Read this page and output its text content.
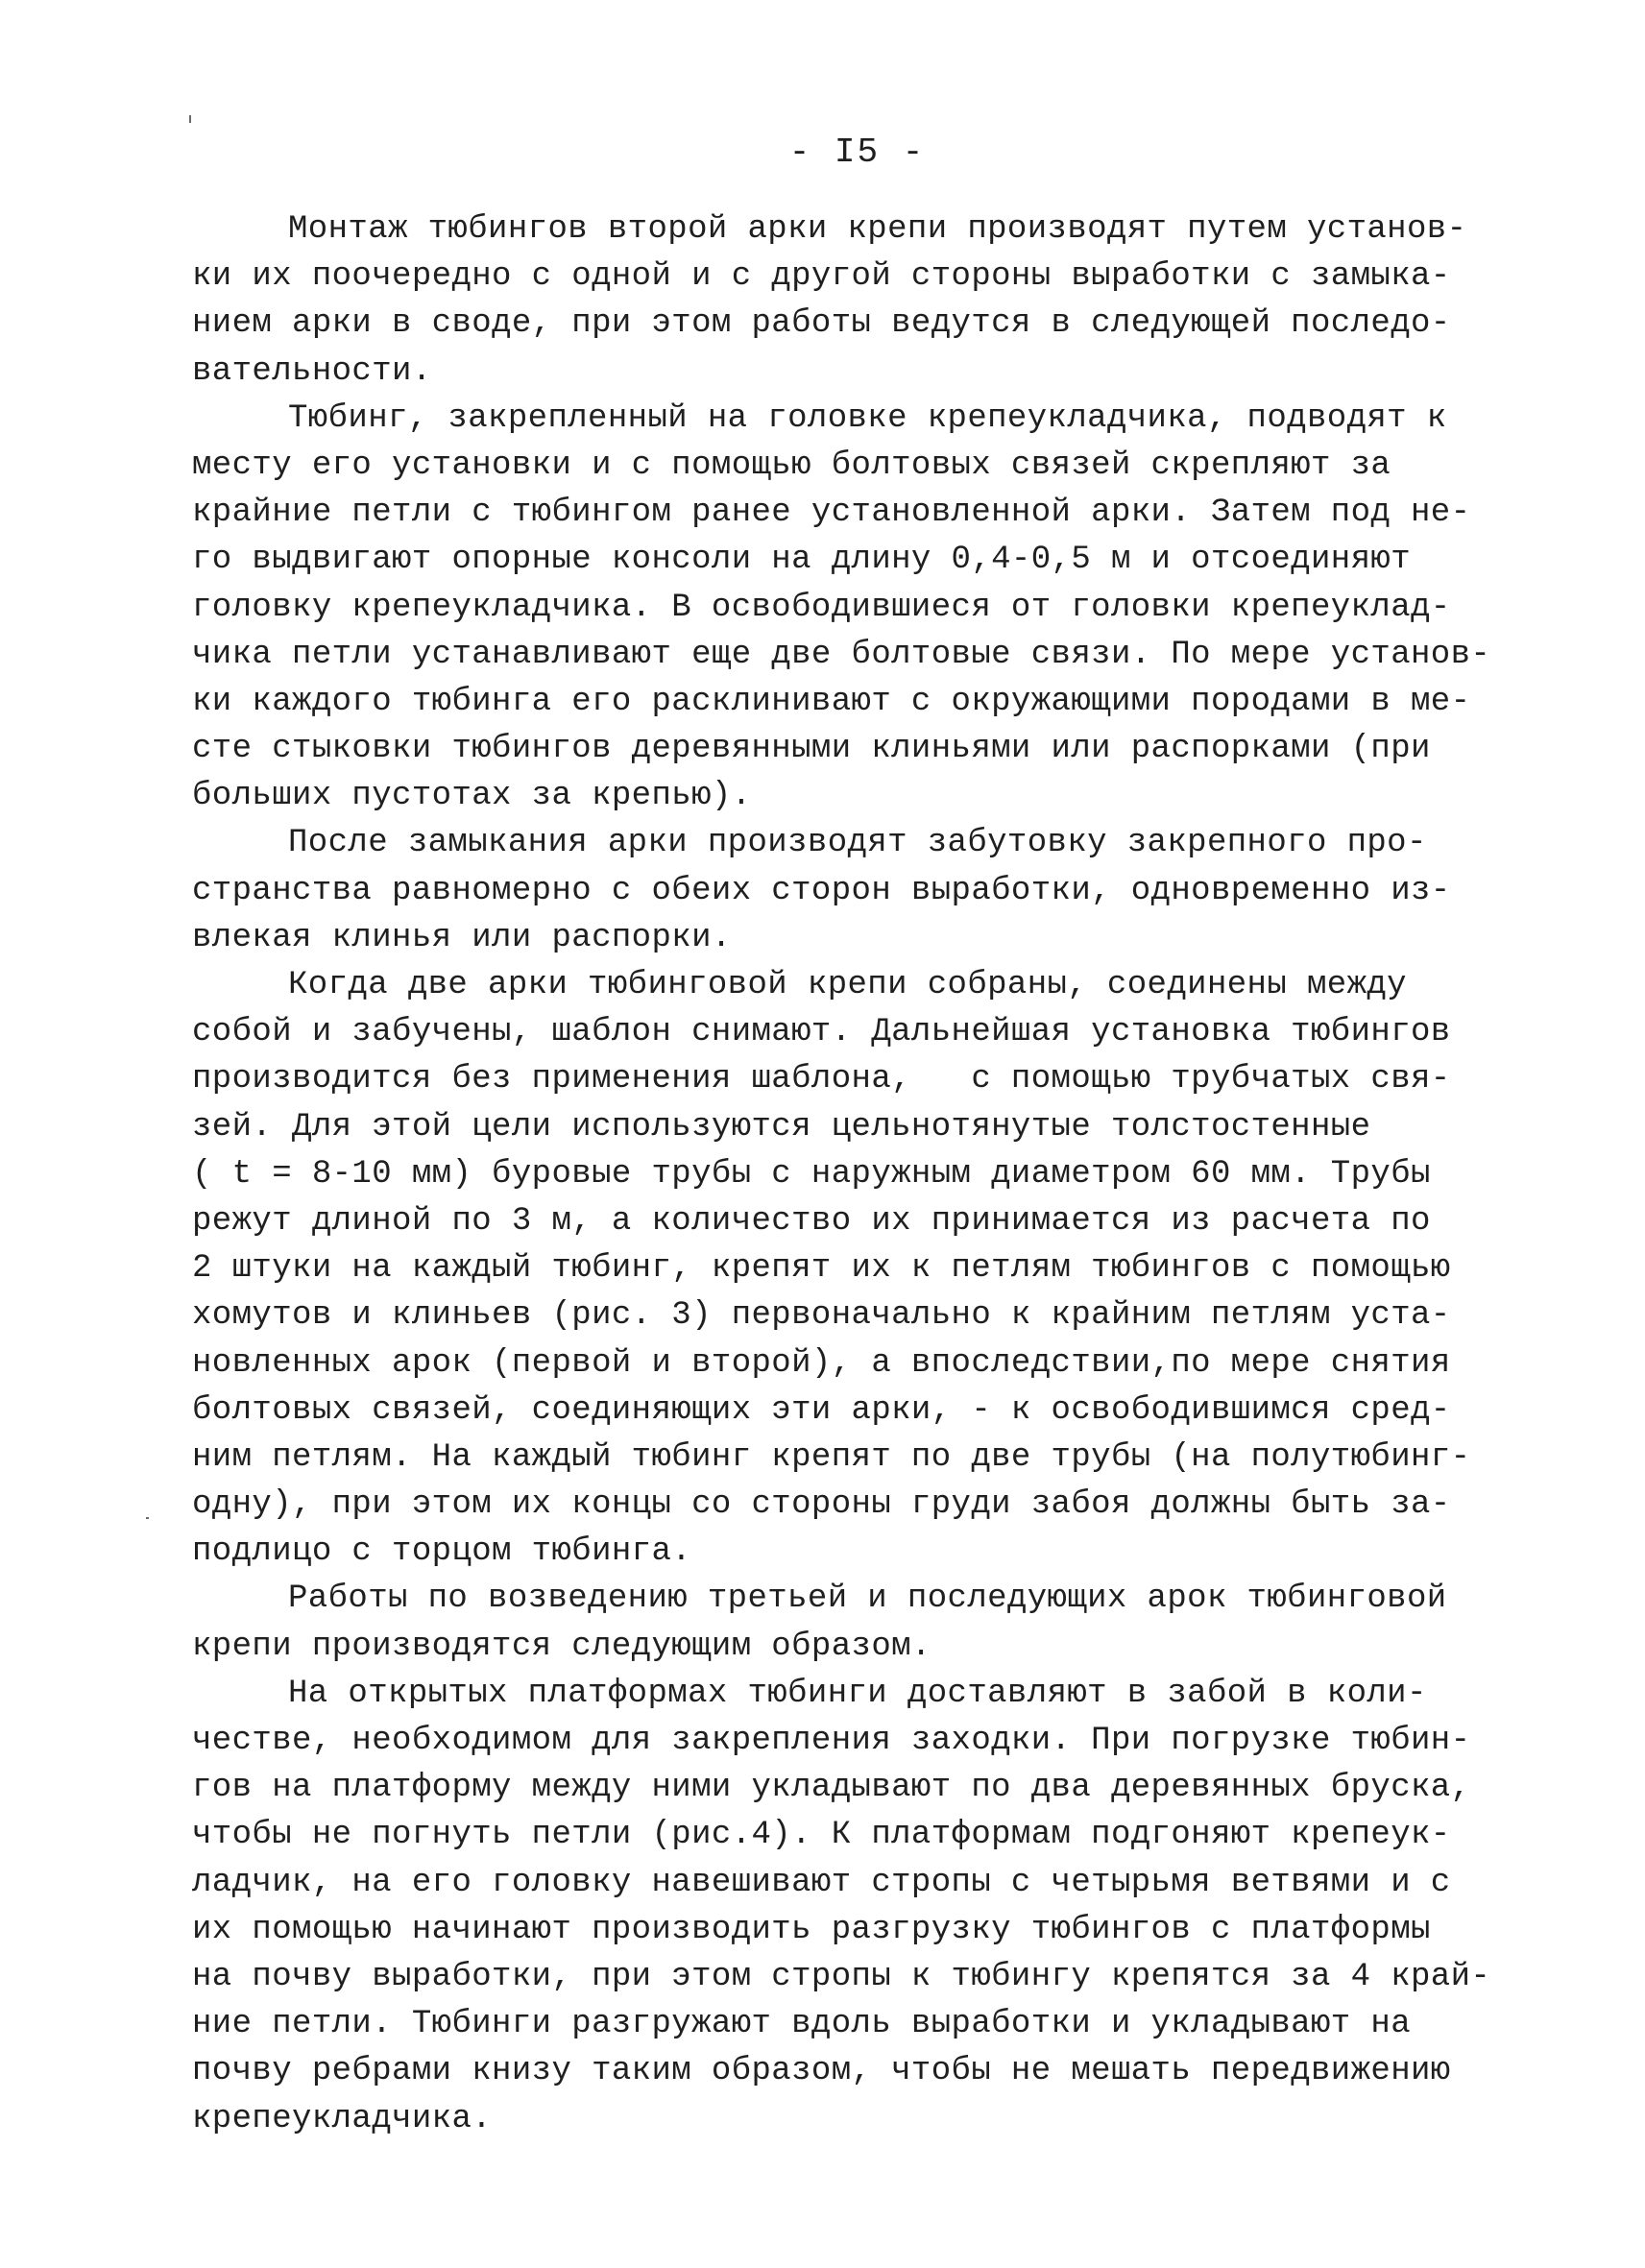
- I5 -
Монтаж тюбингов второй арки крепи производят путем установ-
ки их поочередно с одной и с другой стороны выработки с замыка-
нием арки в своде, при этом работы ведутся в следующей последо-
вательности.
Тюбинг, закрепленный на головке крепеукладчика, подводят к
месту его установки и с помощью болтовых связей скрепляют за
крайние петли с тюбингом ранее установленной арки. Затем под не-
го выдвигают опорные консоли на длину 0,4-0,5 м и отсоединяют
головку крепеукладчика. В освободившиеся от головки крепеуклад-
чика петли устанавливают еще две болтовые связи. По мере установ-
ки каждого тюбинга его расклинивают с окружающими породами в ме-
сте стыковки тюбингов деревянными клиньями или распорками (при
больших пустотах за крепью).
После замыкания арки производят забутовку закрепного про-
странства равномерно с обеих сторон выработки, одновременно из-
влекая клинья или распорки.
Когда две арки тюбинговой крепи собраны, соединены между
собой и забучены, шаблон снимают. Дальнейшая установка тюбингов
производится без применения шаблона,   с помощью трубчатых свя-
зей. Для этой цели используются цельнотянутые толстостенные
( t = 8-10 мм) буровые трубы с наружным диаметром 60 мм. Трубы
режут длиной по 3 м, а количество их принимается из расчета по
2 штуки на каждый тюбинг, крепят их к петлям тюбингов с помощью
хомутов и клиньев (рис. 3) первоначально к крайним петлям уста-
новленных арок (первой и второй), а впоследствии,по мере снятия
болтовых связей, соединяющих эти арки, - к освободившимся сред-
ним петлям. На каждый тюбинг крепят по две трубы (на полутюбинг-
одну), при этом их концы со стороны груди забоя должны быть за-
подлицо с торцом тюбинга.
Работы по возведению третьей и последующих арок тюбинговой
крепи производятся следующим образом.
На открытых платформах тюбинги доставляют в забой в коли-
честве, необходимом для закрепления заходки. При погрузке тюбин-
гов на платформу между ними укладывают по два деревянных бруска,
чтобы не погнуть петли (рис.4). К платформам подгоняют крепеук-
ладчик, на его головку навешивают стропы с четырьмя ветвями и с
их помощью начинают производить разгрузку тюбингов с платформы
на почву выработки, при этом стропы к тюбингу крепятся за 4 край-
ние петли. Тюбинги разгружают вдоль выработки и укладывают на
почву ребрами книзу таким образом, чтобы не мешать передвижению
крепеукладчика.
